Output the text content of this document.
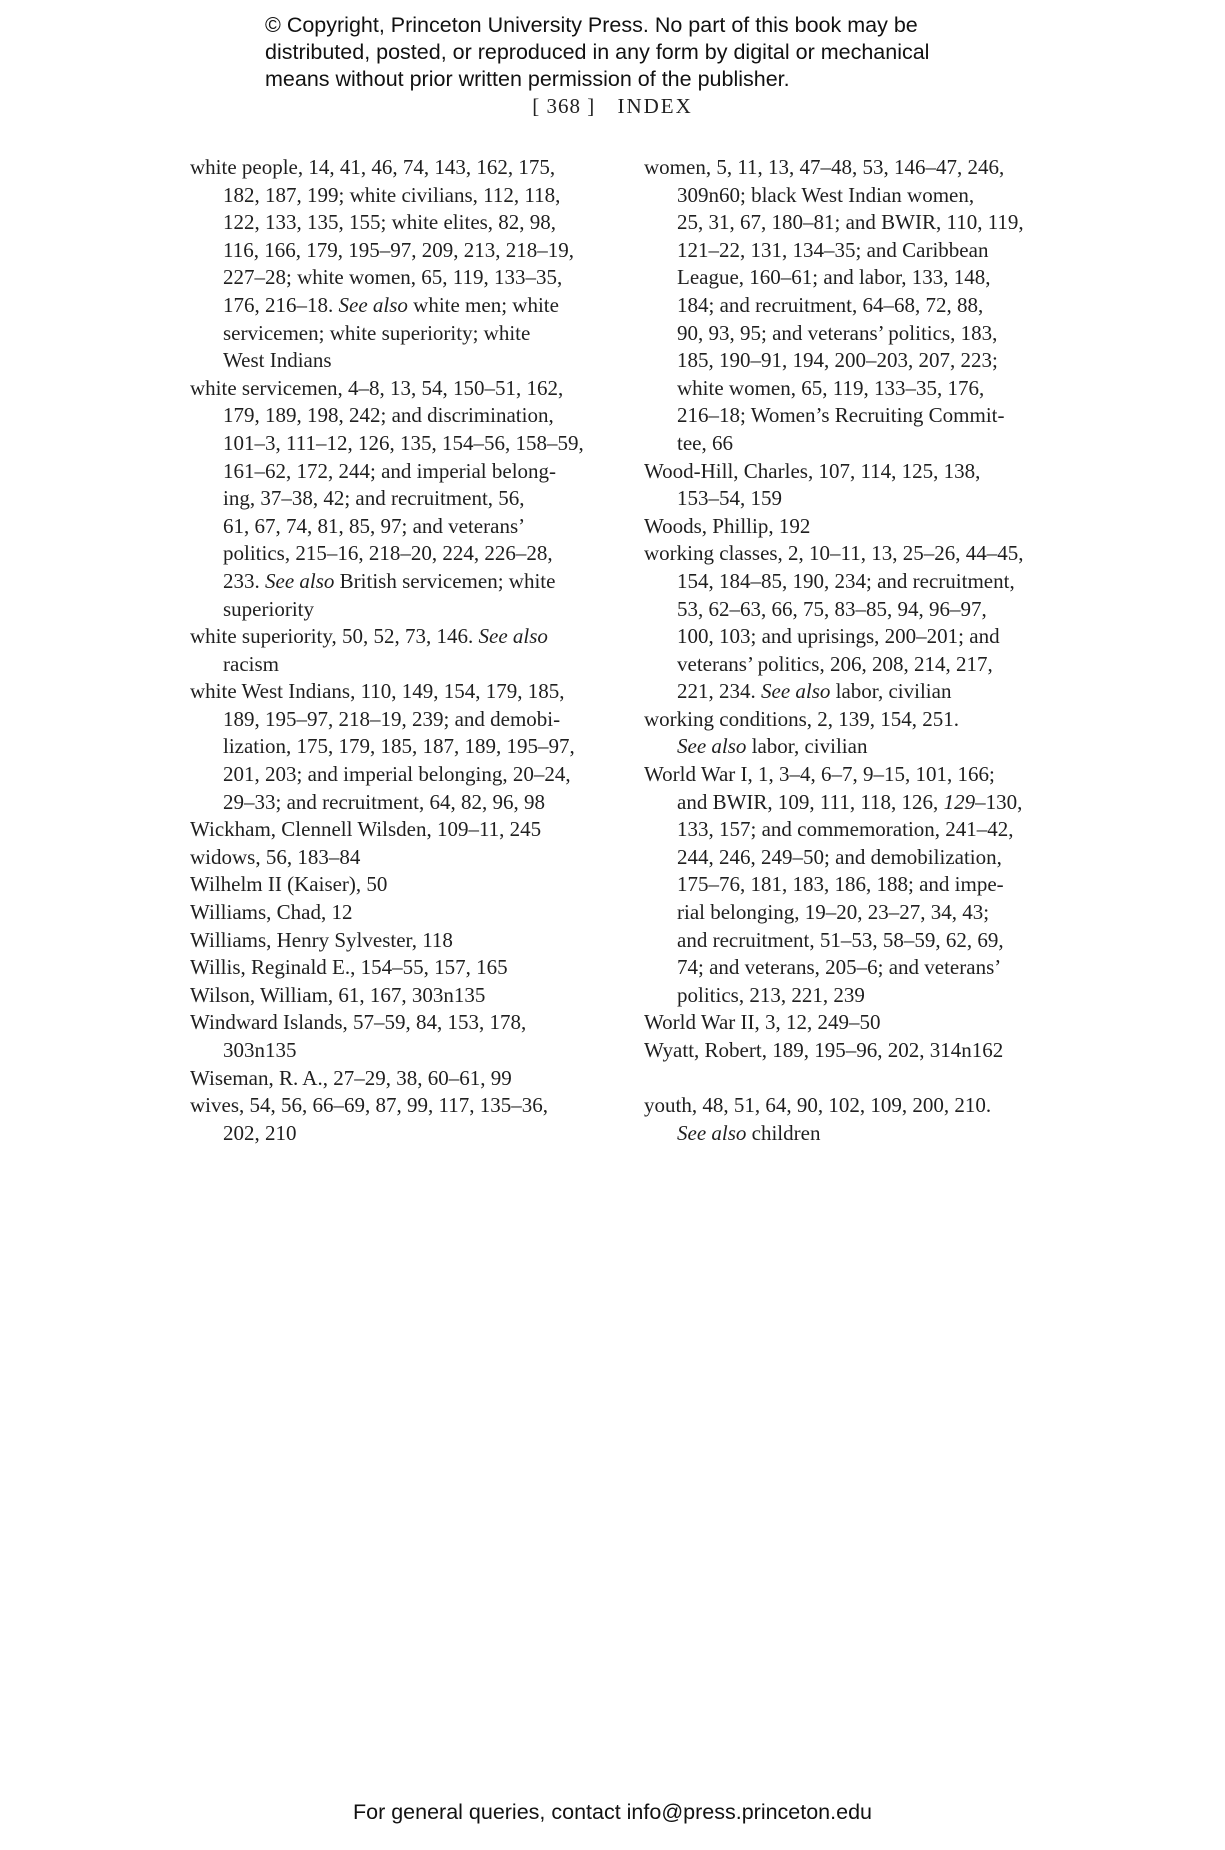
© Copyright, Princeton University Press. No part of this book may be
distributed, posted, or reproduced in any form by digital or mechanical
means without prior written permission of the publisher.
[ 368 ] INDEX
white people, 14, 41, 46, 74, 143, 162, 175,
182, 187, 199; white civilians, 112, 118,
122, 133, 135, 155; white elites, 82, 98,
116, 166, 179, 195–97, 209, 213, 218–19,
227–28; white women, 65, 119, 133–35,
176, 216–18. See also white men; white
servicemen; white superiority; white
West Indians
white servicemen, 4–8, 13, 54, 150–51, 162,
179, 189, 198, 242; and discrimination,
101–3, 111–12, 126, 135, 154–56, 158–59,
161–62, 172, 244; and imperial belong-
ing, 37–38, 42; and recruitment, 56,
61, 67, 74, 81, 85, 97; and veterans’
politics, 215–16, 218–20, 224, 226–28,
233. See also British servicemen; white
superiority
white superiority, 50, 52, 73, 146. See also
racism
white West Indians, 110, 149, 154, 179, 185,
189, 195–97, 218–19, 239; and demobi-
lization, 175, 179, 185, 187, 189, 195–97,
201, 203; and imperial belonging, 20–24,
29–33; and recruitment, 64, 82, 96, 98
Wickham, Clennell Wilsden, 109–11, 245
widows, 56, 183–84
Wilhelm II (Kaiser), 50
Williams, Chad, 12
Williams, Henry Sylvester, 118
Willis, Reginald E., 154–55, 157, 165
Wilson, William, 61, 167, 303n135
Windward Islands, 57–59, 84, 153, 178,
303n135
Wiseman, R. A., 27–29, 38, 60–61, 99
wives, 54, 56, 66–69, 87, 99, 117, 135–36,
202, 210
women, 5, 11, 13, 47–48, 53, 146–47, 246,
309n60; black West Indian women,
25, 31, 67, 180–81; and BWIR, 110, 119,
121–22, 131, 134–35; and Caribbean
League, 160–61; and labor, 133, 148,
184; and recruitment, 64–68, 72, 88,
90, 93, 95; and veterans’ politics, 183,
185, 190–91, 194, 200–203, 207, 223;
white women, 65, 119, 133–35, 176,
216–18; Women’s Recruiting Commit-
tee, 66
Wood-Hill, Charles, 107, 114, 125, 138,
153–54, 159
Woods, Phillip, 192
working classes, 2, 10–11, 13, 25–26, 44–45,
154, 184–85, 190, 234; and recruitment,
53, 62–63, 66, 75, 83–85, 94, 96–97,
100, 103; and uprisings, 200–201; and
veterans’ politics, 206, 208, 214, 217,
221, 234. See also labor, civilian
working conditions, 2, 139, 154, 251.
See also labor, civilian
World War I, 1, 3–4, 6–7, 9–15, 101, 166;
and BWIR, 109, 111, 118, 126, 129–130,
133, 157; and commemoration, 241–42,
244, 246, 249–50; and demobilization,
175–76, 181, 183, 186, 188; and impe-
rial belonging, 19–20, 23–27, 34, 43;
and recruitment, 51–53, 58–59, 62, 69,
74; and veterans, 205–6; and veterans’
politics, 213, 221, 239
World War II, 3, 12, 249–50
Wyatt, Robert, 189, 195–96, 202, 314n162
youth, 48, 51, 64, 90, 102, 109, 200, 210.
See also children
For general queries, contact info@press.princeton.edu
